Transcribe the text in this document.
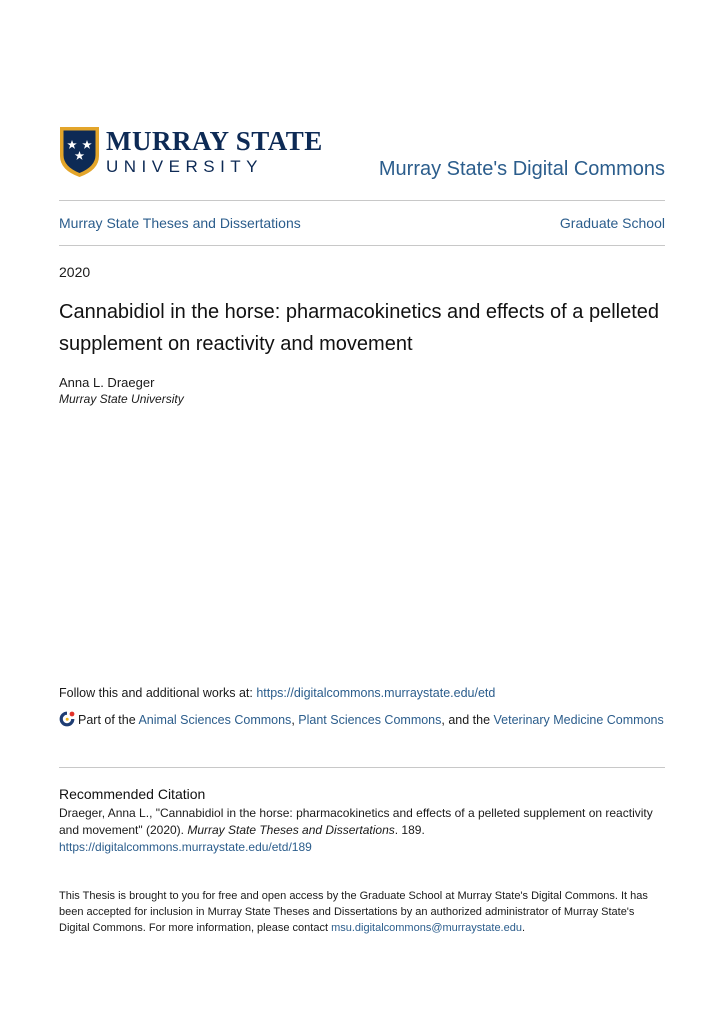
MURRAY STATE
UNIVERSITY	Murray State's Digital Commons
Murray State Theses and Dissertations	Graduate School
2020
Cannabidiol in the horse: pharmacokinetics and effects of a pelleted supplement on reactivity and movement
Anna L. Draeger
Murray State University
Follow this and additional works at: https://digitalcommons.murraystate.edu/etd
Part of the Animal Sciences Commons, Plant Sciences Commons, and the Veterinary Medicine Commons
Recommended Citation
Draeger, Anna L., "Cannabidiol in the horse: pharmacokinetics and effects of a pelleted supplement on reactivity and movement" (2020). Murray State Theses and Dissertations. 189.
https://digitalcommons.murraystate.edu/etd/189
This Thesis is brought to you for free and open access by the Graduate School at Murray State's Digital Commons. It has been accepted for inclusion in Murray State Theses and Dissertations by an authorized administrator of Murray State's Digital Commons. For more information, please contact msu.digitalcommons@murraystate.edu.
